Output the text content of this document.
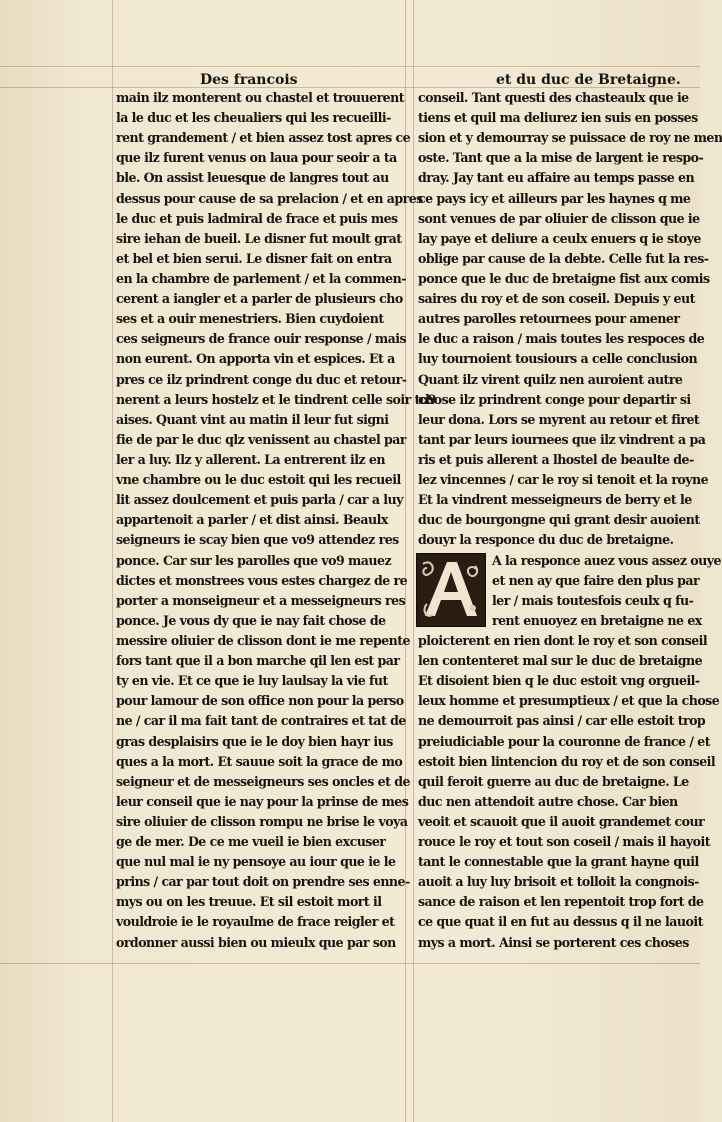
Des francois	et du duc de Bretaigne.
main ilz monterent ou chastel et trouuerent
la le duc et les cheualiers qui les recueilli-
rent grandement / et bien assez tost apres ce
que ilz furent venus on laua pour seoir a ta
ble. On assist leuesque de langres tout au
dessus pour cause de sa prelacion / et en apres
le duc et puis ladmiral de frace et puis mes
sire iehan de bueil. Le disner fut moult grat
et bel et bien serui. Le disner fait on entra
en la chambre de parlement / et la commen-
cerent a iangler et a parler de plusieurs cho
ses et a ouir menestriers. Bien cuydoient
ces seigneurs de france ouir response / mais
non eurent. On apporta vin et espices. Et a
pres ce ilz prindrent conge du duc et retour-
nerent a leurs hostelz et le tindrent celle soir to9
aises. Quant vint au matin il leur fut signi
fie de par le duc qlz venissent au chastel par
ler a luy. Ilz y allerent. La entrerent ilz en
vne chambre ou le duc estoit qui les recueil
lit assez doulcement et puis parla / car a luy
appartenoit a parler / et dist ainsi. Beaulx
seigneurs ie scay bien que vo9 attendez res
ponce. Car sur les parolles que vo9 mauez
dictes et monstrees vous estes chargez de re
porter a monseigneur et a messeigneurs res
ponce. Je vous dy que ie nay fait chose de
messire oliuier de clisson dont ie me repente
fors tant que il a bon marche qil len est par
ty en vie. Et ce que ie luy laulsay la vie fut
pour lamour de son office non pour la perso
ne / car il ma fait tant de contraires et tat de
gras desplaisirs que ie le doy bien hayr ius
ques a la mort. Et sauue soit la grace de mo
seigneur et de messeigneurs ses oncles et de
leur conseil que ie nay pour la prinse de mes
sire oliuier de clisson rompu ne brise le voya
ge de mer. De ce me vueil ie bien excuser
que nul mal ie ny pensoye au iour que ie le
prins / car par tout doit on prendre ses enne-
mys ou on les treuue. Et sil estoit mort il
vouldroie ie le royaulme de frace reigler et
ordonner aussi bien ou mieulx que par son
conseil. Tant questi des chasteaulx que ie
tiens et quil ma deliurez ien suis en posses
sion et y demourray se puissace de roy ne men
oste. Tant que a la mise de largent ie respo-
dray. Jay tant eu affaire au temps passe en
ce pays icy et ailleurs par les haynes q me
sont venues de par oliuier de clisson que ie
lay paye et deliure a ceulx enuers q ie stoye
oblige par cause de la debte. Celle fut la res-
ponce que le duc de bretaigne fist aux comis
saires du roy et de son coseil. Depuis y eut
autres parolles retournees pour amener
le duc a raison / mais toutes les respoces de
luy tournoient tousiours a celle conclusion
Quant ilz virent quilz nen auroient autre
chose ilz prindrent conge pour departir si
leur dona. Lors se myrent au retour et firet
tant par leurs iournees que ilz vindrent a pa
ris et puis allerent a lhostel de beaulte de-
lez vincennes / car le roy si tenoit et la royne
Et la vindrent messeigneurs de berry et le
duc de bourgongne qui grant desir auoient
douyr la responce du duc de bretaigne.
A la responce auez vous assez ouye
et nen ay que faire den plus par
ler / mais toutesfois ceulx q fu-
rent enuoyez en bretaigne ne ex
ploicterent en rien dont le roy et son conseil
len contenteret mal sur le duc de bretaigne
Et disoient bien q le duc estoit vng orgueil-
leux homme et presumptieux / et que la chose
ne demourroit pas ainsi / car elle estoit trop
preiudiciable pour la couronne de france / et
estoit bien lintencion du roy et de son conseil
quil feroit guerre au duc de bretaigne. Le
duc nen attendoit autre chose. Car bien
veoit et scauoit que il auoit grandemet cour
rouce le roy et tout son coseil / mais il hayoit
tant le connestable que la grant hayne quil
auoit a luy luy brisoit et tolloit la congnois-
sance de raison et len repentoit trop fort de
ce que quat il en fut au dessus q il ne lauoit
mys a mort. Ainsi se porterent ces choses
